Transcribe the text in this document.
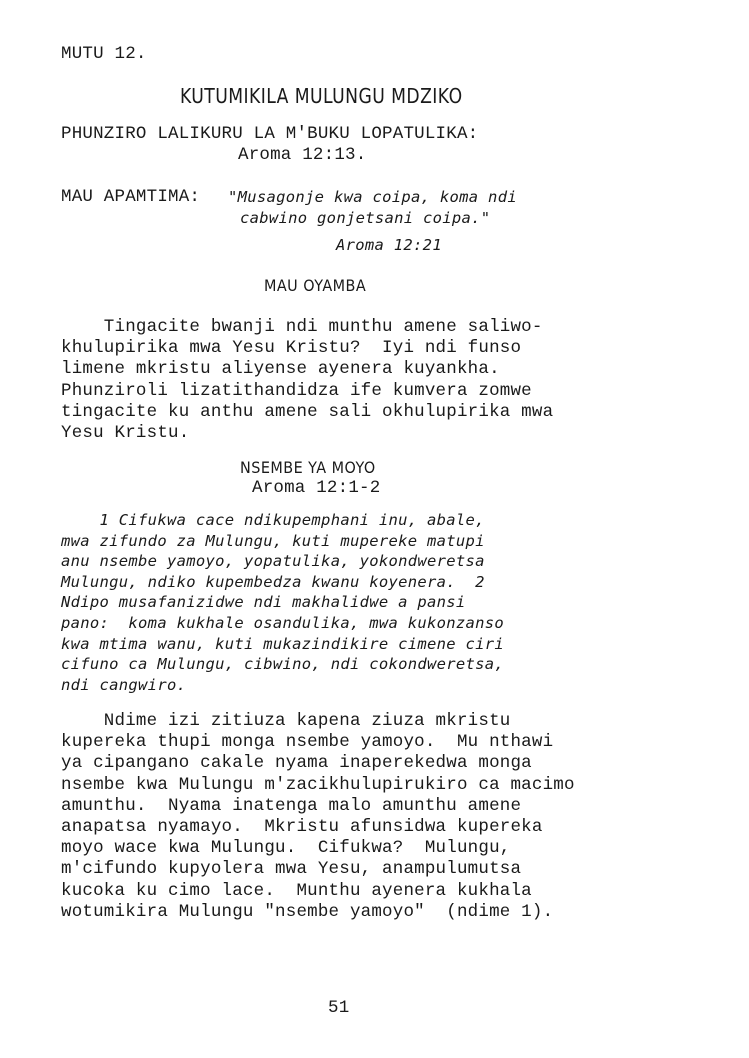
MUTU 12.
KUTUMIKILA MULUNGU MDZIKO
PHUNZIRO LALIKURU LA M'BUKU LOPATULIKA:
Aroma 12:13.
MAU APAMTIMA: "Musagonje kwa coipa, koma ndi
cabwino gonjetsani coipa."
Aroma 12:21
MAU OYAMBA
Tingacite bwanji ndi munthu amene saliwo-
khulupirika mwa Yesu Kristu?  Iyi ndi funso
limene mkristu aliyense ayenera kuyankha.
Phunziroli lizatithandidza ife kumvera zomwe
tingacite ku anthu amene sali okhulupirika mwa
Yesu Kristu.
NSEMBE YA MOYO
Aroma 12:1-2
1 Cifukwa cace ndikupemphani inu, abale,
mwa zifundo za Mulungu, kuti mupereke matupi
anu nsembe yamoyo, yopatulika, yokondweretsa
Mulungu, ndiko kupembedza kwanu koyenera.  2
Ndipo musafanizidwe ndi makhalidwe a pansi
pano:  koma kukhale osandulika, mwa kukonzanso
kwa mtima wanu, kuti mukazindikire cimene ciri
cifuno ca Mulungu, cibwino, ndi cokondweretsa,
ndi cangwiro.
Ndime izi zitiuza kapena ziuza mkristu
kupereka thupi monga nsembe yamoyo.  Mu nthawi
ya cipangano cakale nyama inaperekedwa monga
nsembe kwa Mulungu m'zacikhulupirukiro ca macimo
amunthu.  Nyama inatenga malo amunthu amene
anapatsa nyamayo.  Mkristu afunsidwa kupereka
moyo wace kwa Mulungu.  Cifukwa?  Mulungu,
m'cifundo kupyolera mwa Yesu, anampulumutsa
kucoka ku cimo lace.  Munthu ayenera kukhala
wotumikira Mulungu "nsembe yamoyo"  (ndime 1).
51
